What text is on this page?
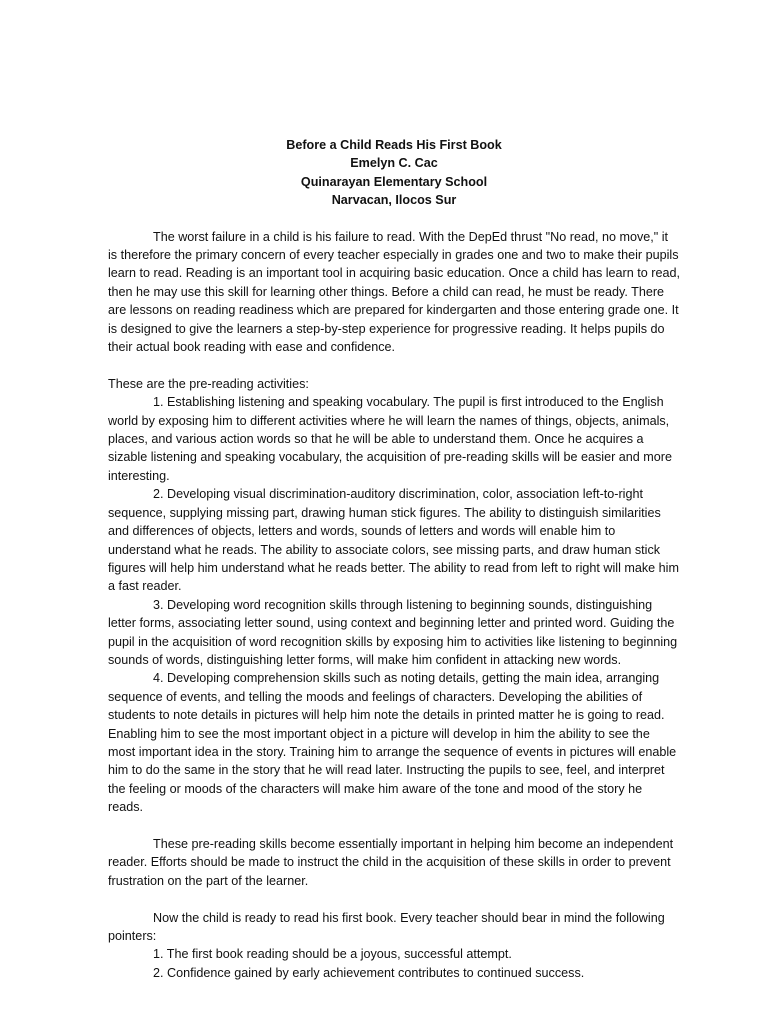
Before a Child Reads His First Book
Emelyn C. Cac
Quinarayan Elementary School
Narvacan, Ilocos Sur

The worst failure in a child is his failure to read. With the DepEd thrust "No read, no move," it is therefore the primary concern of every teacher especially in grades one and two to make their pupils learn to read. Reading is an important tool in acquiring basic education. Once a child has learn to read, then he may use this skill for learning other things. Before a child can read, he must be ready. There are lessons on reading readiness which are prepared for kindergarten and those entering grade one. It is designed to give the learners a step-by-step experience for progressive reading. It helps pupils do their actual book reading with ease and confidence.

These are the pre-reading activities:

1. Establishing listening and speaking vocabulary. The pupil is first introduced to the English world by exposing him to different activities where he will learn the names of things, objects, animals, places, and various action words so that he will be able to understand them. Once he acquires a sizable listening and speaking vocabulary, the acquisition of pre-reading skills will be easier and more interesting.

2. Developing visual discrimination-auditory discrimination, color, association left-to-right sequence, supplying missing part, drawing human stick figures. The ability to distinguish similarities and differences of objects, letters and words, sounds of letters and words will enable him to understand what he reads. The ability to associate colors, see missing parts, and draw human stick figures will help him understand what he reads better. The ability to read from left to right will make him a fast reader.

3. Developing word recognition skills through listening to beginning sounds, distinguishing letter forms, associating letter sound, using context and beginning letter and printed word. Guiding the pupil in the acquisition of word recognition skills by exposing him to activities like listening to beginning sounds of words, distinguishing letter forms, will make him confident in attacking new words.

4. Developing comprehension skills such as noting details, getting the main idea, arranging sequence of events, and telling the moods and feelings of characters. Developing the abilities of students to note details in pictures will help him note the details in printed matter he is going to read. Enabling him to see the most important object in a picture will develop in him the ability to see the most important idea in the story. Training him to arrange the sequence of events in pictures will enable him to do the same in the story that he will read later. Instructing the pupils to see, feel, and interpret the feeling or moods of the characters will make him aware of the tone and mood of the story he reads.

These pre-reading skills become essentially important in helping him become an independent reader. Efforts should be made to instruct the child in the acquisition of these skills in order to prevent frustration on the part of the learner.

Now the child is ready to read his first book. Every teacher should bear in mind the following pointers:

1. The first book reading should be a joyous, successful attempt.

2. Confidence gained by early achievement contributes to continued success.
